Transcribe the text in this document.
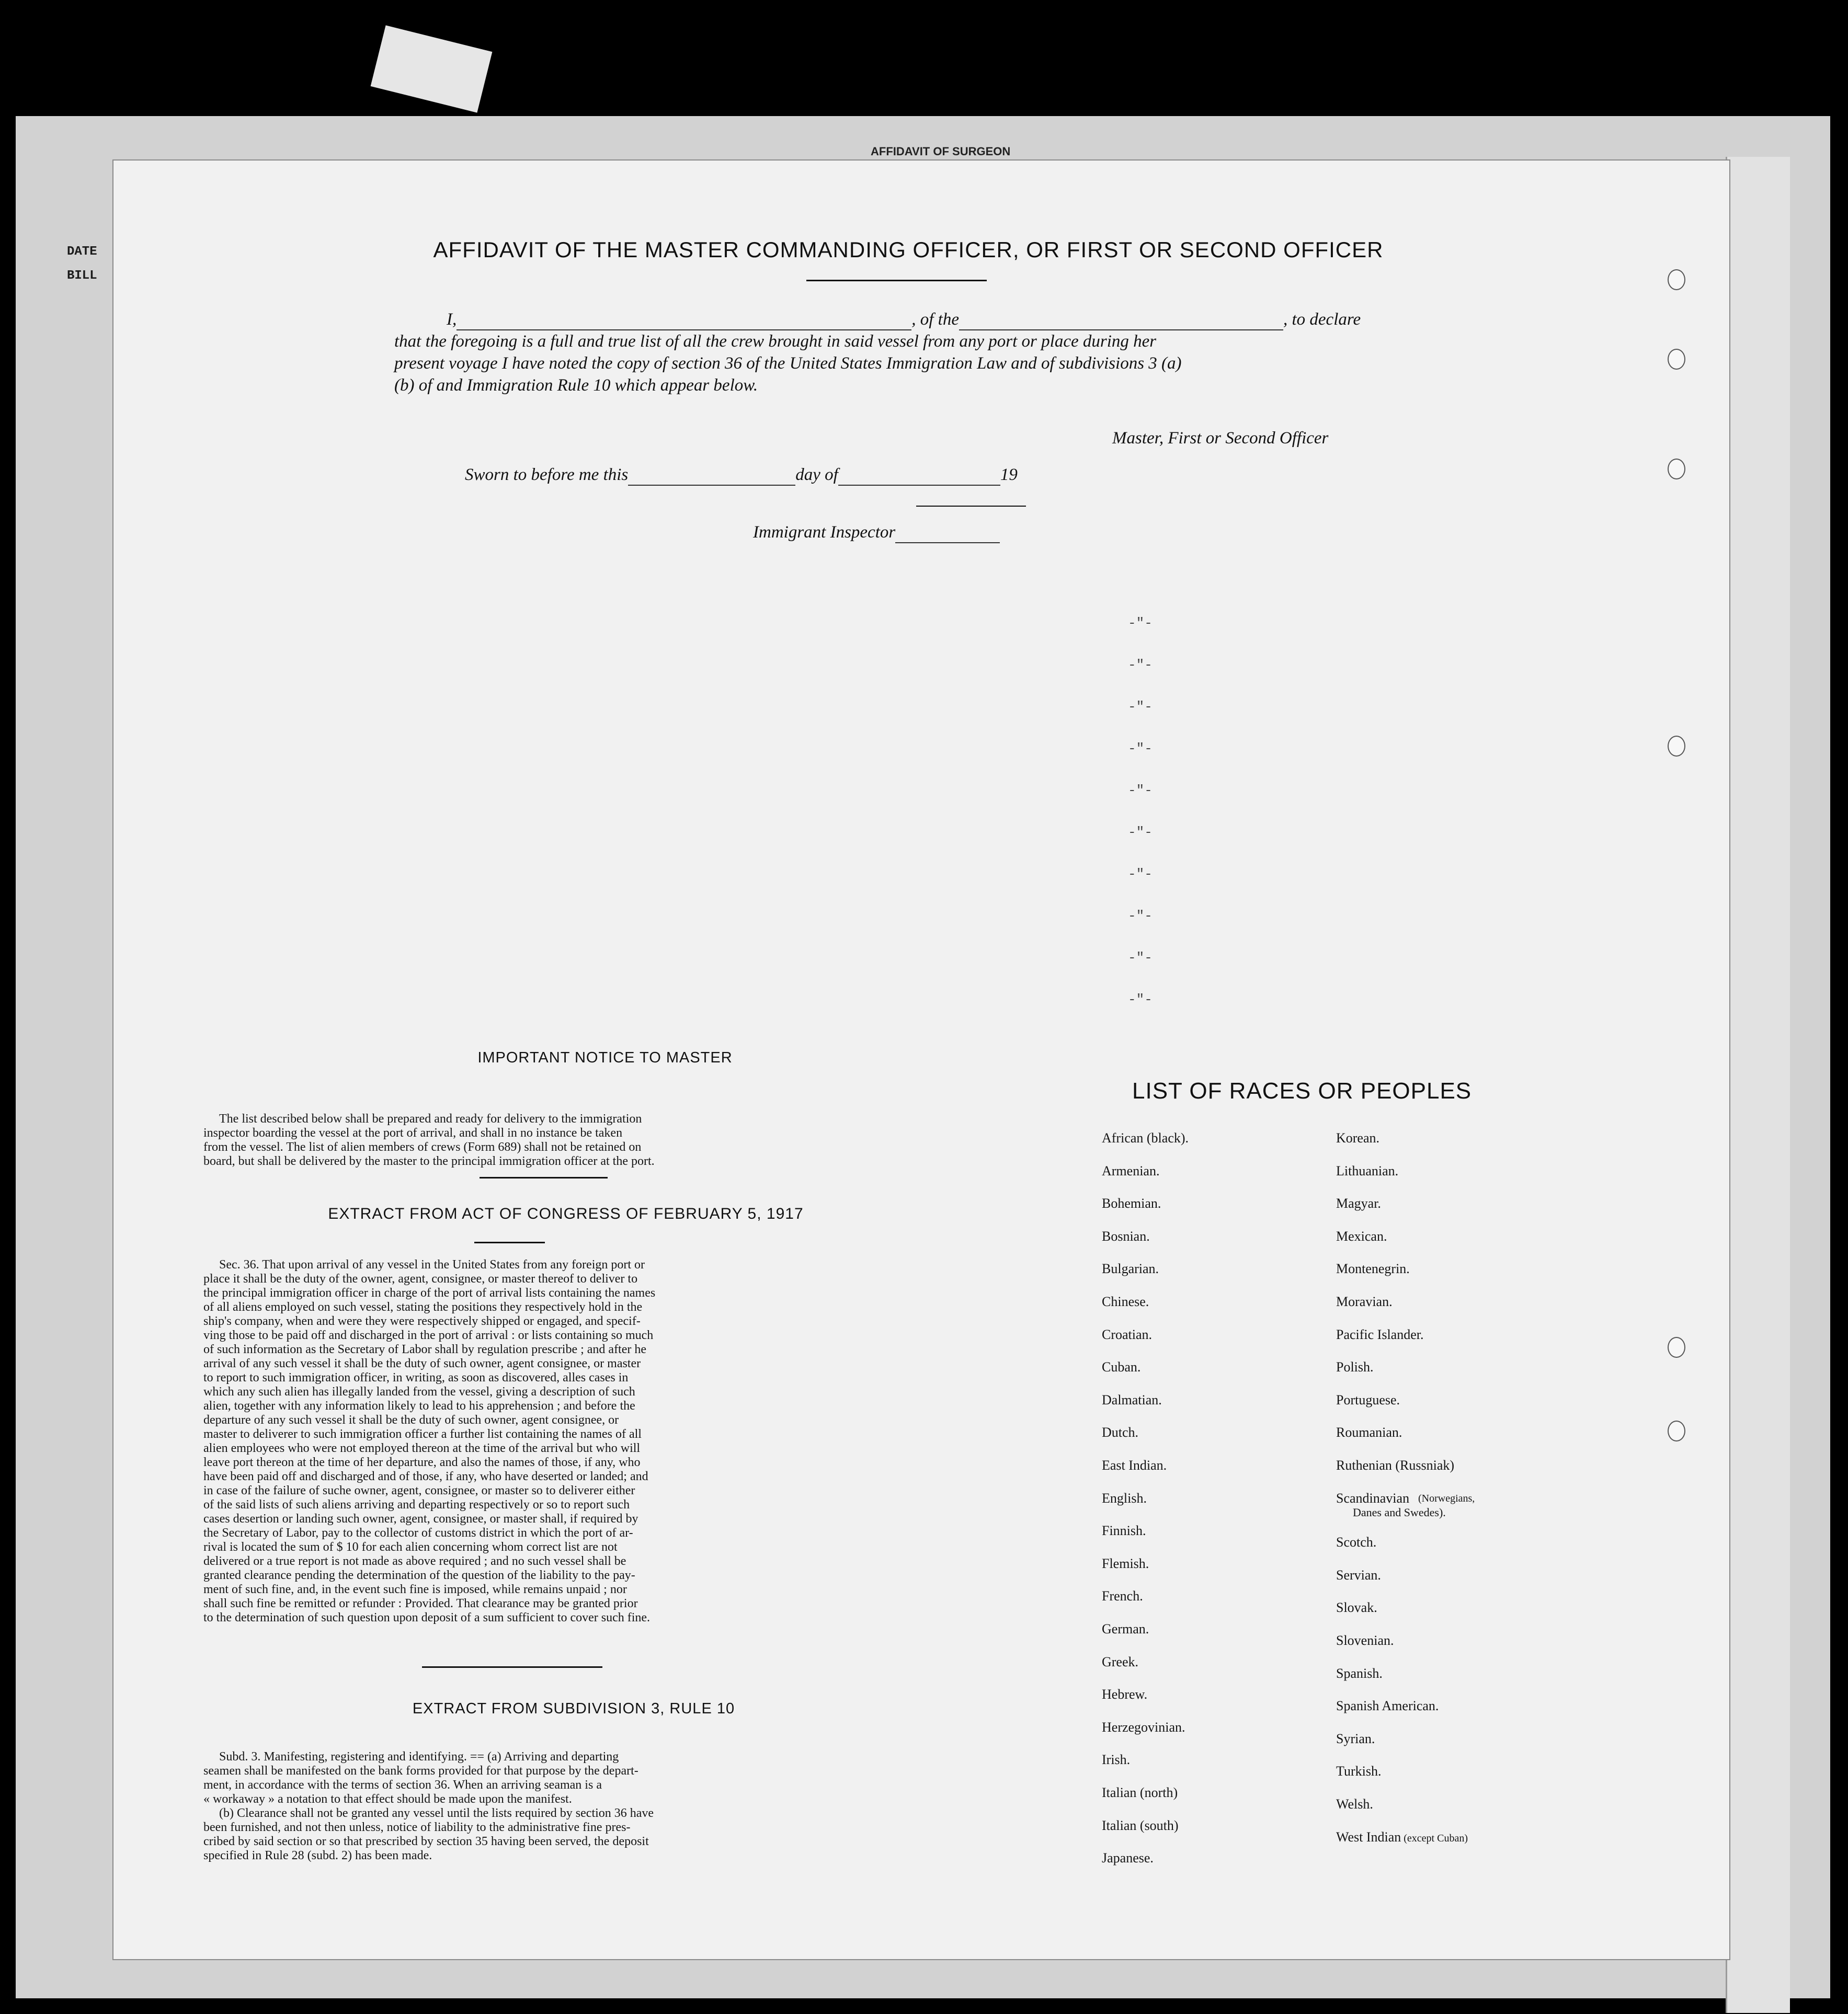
AFFIDAVIT OF SURGEON
DATE
BILL
AFFIDAVIT OF THE MASTER COMMANDING OFFICER, OR FIRST OR SECOND OFFICER
I,	, of the	, to declare
that the foregoing is a full and true list of all the crew brought in said vessel from any port or place during her
present voyage I have noted the copy of section 36 of the United States Immigration Law and of subdivisions 3 (a)
(b) of and Immigration Rule 10 which appear below.
Master, First or Second Officer
Sworn to before me this	day of	19
Immigrant Inspector
-"-
-"-
-"-
-"-
-"-
-"-
-"-
-"-
-"-
-"-
IMPORTANT NOTICE TO MASTER
The list described below shall be prepared and ready for delivery to the immigration
inspector boarding the vessel at the port of arrival, and shall in no instance be taken
from the vessel. The list of alien members of crews (Form 689) shall not be retained on
board, but shall be delivered by the master to the principal immigration officer at the port.
EXTRACT FROM ACT OF CONGRESS OF FEBRUARY 5, 1917
Sec. 36. That upon arrival of any vessel in the United States from any foreign port or
place it shall be the duty of the owner, agent, consignee, or master thereof to deliver to
the principal immigration officer in charge of the port of arrival lists containing the names
of all aliens employed on such vessel, stating the positions they respectively hold in the
ship's company, when and were they were respectively shipped or engaged, and specif-
ving those to be paid off and discharged in the port of arrival : or lists containing so much
of such information as the Secretary of Labor shall by regulation prescribe ; and after he
arrival of any such vessel it shall be the duty of such owner, agent consignee, or master
to report to such immigration officer, in writing, as soon as discovered, alles cases in
which any such alien has illegally landed from the vessel, giving a description of such
alien, together with any information likely to lead to his apprehension ; and before the
departure of any such vessel it shall be the duty of such owner, agent consignee, or
master to deliverer to such immigration officer a further list containing the names of all
alien employees who were not employed thereon at the time of the arrival but who will
leave port thereon at the time of her departure, and also the names of those, if any, who
have been paid off and discharged and of those, if any, who have deserted or landed; and
in case of the failure of suche owner, agent, consignee, or master so to deliverer either
of the said lists of such aliens arriving and departing respectively or so to report such
cases desertion or landing such owner, agent, consignee, or master shall, if required by
the Secretary of Labor, pay to the collector of customs district in which the port of ar-
rival is located the sum of $ 10 for each alien concerning whom correct list are not
delivered or a true report is not made as above required ; and no such vessel shall be
granted clearance pending the determination of the question of the liability to the pay-
ment of such fine, and, in the event such fine is imposed, while remains unpaid ; nor
shall such fine be remitted or refunder : Provided. That clearance may be granted prior
to the determination of such question upon deposit of a sum sufficient to cover such fine.
EXTRACT FROM SUBDIVISION 3, RULE 10
Subd. 3. Manifesting, registering and identifying. == (a) Arriving and departing
seamen shall be manifested on the bank forms provided for that purpose by the depart-
ment, in accordance with the terms of section 36. When an arriving seaman is a
« workaway » a notation to that effect should be made upon the manifest.
(b) Clearance shall not be granted any vessel until the lists required by section 36 have
been furnished, and not then unless, notice of liability to the administrative fine pres-
cribed by said section or so that prescribed by section 35 having been served, the deposit
specified in Rule 28 (subd. 2) has been made.
LIST OF RACES OR PEOPLES
(Norwegians,
African (black).
Armenian.
Bohemian.
Bosnian.
Bulgarian.
Chinese.
Croatian.
Cuban.
Dalmatian.
Dutch.
East Indian.
English.
Finnish.
Flemish.
French.
German.
Greek.
Hebrew.
Herzegovinian.
Irish.
Italian (north)
Italian (south)
Japanese.
Korean.
Lithuanian.
Magyar.
Mexican.
Montenegrin.
Moravian.
Pacific Islander.
Polish.
Portuguese.
Roumanian.
Ruthenian (Russniak)
Scandinavian
Scotch.
Servian.
Slovak.
Slovenian.
Spanish.
Spanish American.
Syrian.
Turkish.
Welsh.
West Indian (except Cuban)
Danes and Swedes).
